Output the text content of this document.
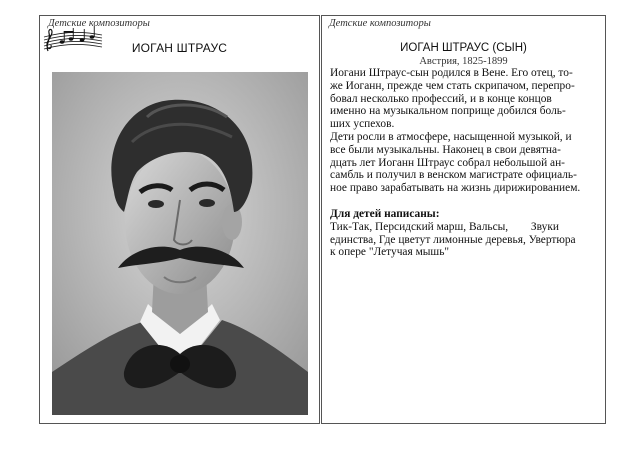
Детские композиторы
ИОГАН ШТРАУС
Детские композиторы
ИОГАН ШТРАУС (СЫН)
Австрия, 1825-1899
Иогани Штраус-сын родился в Вене. Его отец, то-
же Иоганн, прежде чем стать скрипачом, перепро-
бовал несколько профессий, и в конце концов
именно на музыкальном поприще добился боль-
ших успехов.
Дети росли в атмосфере, насыщенной музыкой, и
все были музыкальны. Наконец в свои девятна-
дцать лет Иоганн Штраус собрал небольшой ан-
самбль и получил в венском магистрате официаль-
ное право зарабатывать на жизнь дирижированием.
Для детей написаны:
Тик-Так, Персидский марш, Вальсы,        Звуки
единства, Где цветут лимонные деревья, Увертюра
к опере "Летучая мышь"
